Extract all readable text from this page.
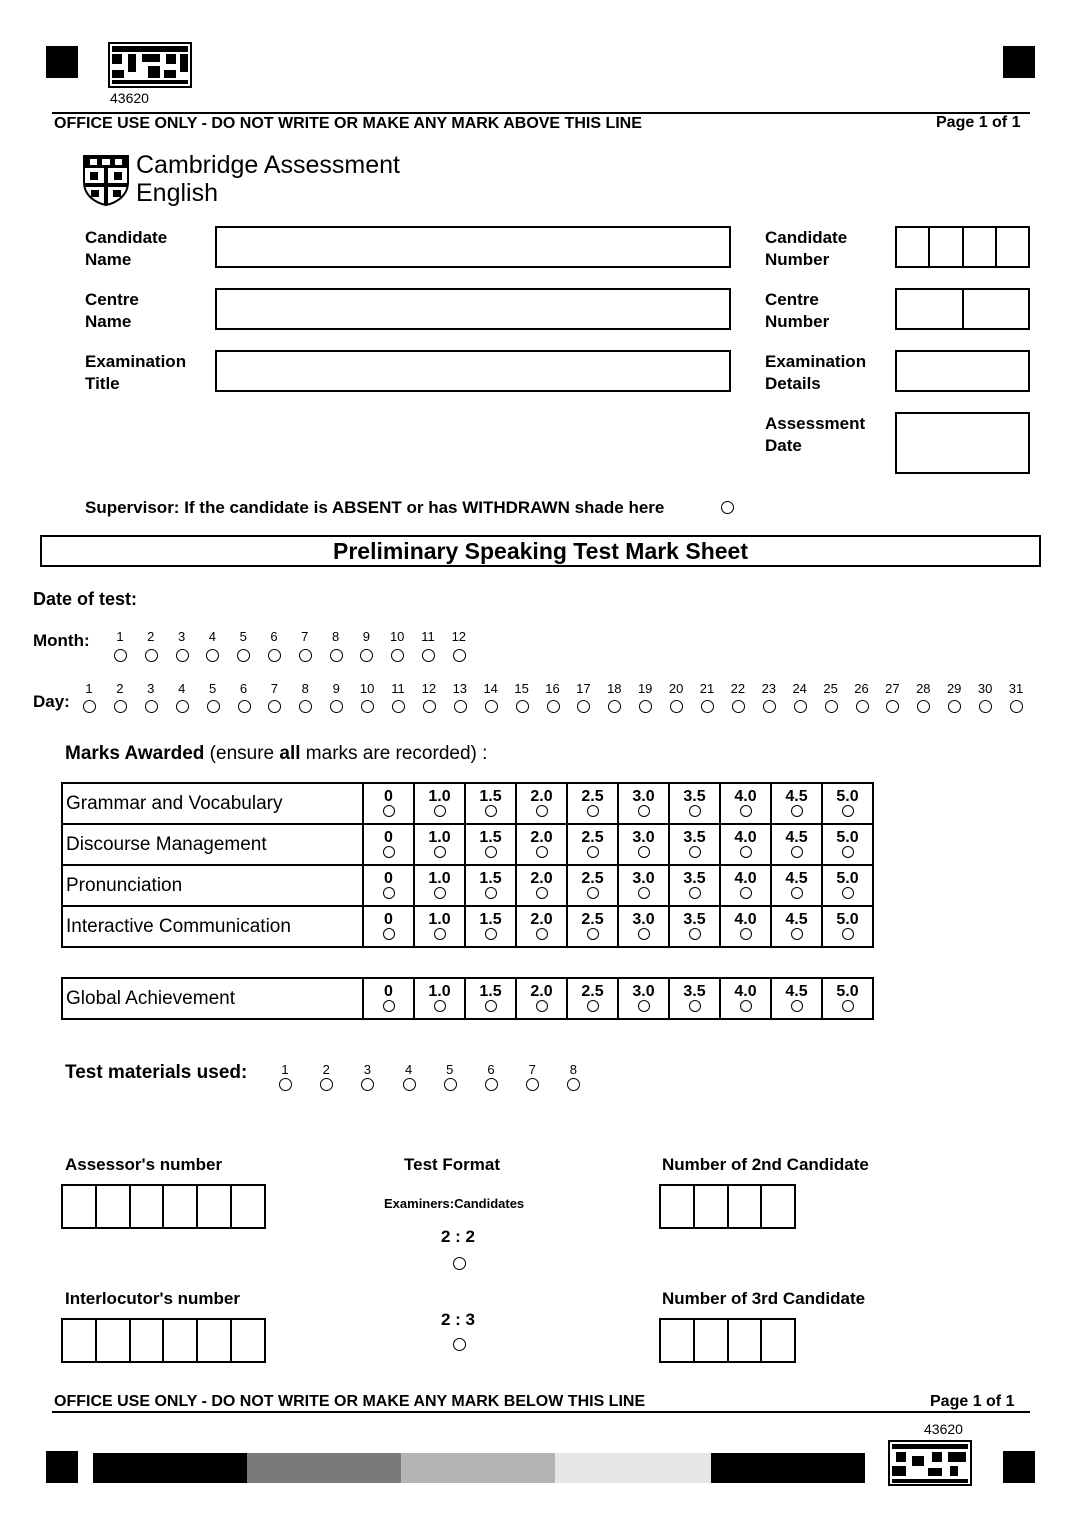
43620
OFFICE USE ONLY - DO NOT WRITE OR MAKE ANY MARK ABOVE THIS LINE	Page 1 of 1
Cambridge Assessment
English
Candidate
Name
Centre
Name
Examination
Title
Candidate
Number
Centre
Number
Examination
Details
Assessment
Date
Supervisor: If the candidate is ABSENT or has WITHDRAWN shade here
Preliminary Speaking Test Mark Sheet
Date of test:
Month:	1	2	3	4	5	6	7	8	9	10	11	12
Day:
1	2	3	4	5	6	7	8	9	10	11	12	13	14	15	16	17	18	19	20	21	22	23	24	25	26	27	28	29	30	31
Marks Awarded (ensure all marks are recorded) :
Grammar and Vocabulary	0	1.0	1.5	2.0	2.5	3.0	3.5	4.0	4.5	5.0

Discourse Management	0	1.0	1.5	2.0	2.5	3.0	3.5	4.0	4.5	5.0

Pronunciation	0	1.0	1.5	2.0	2.5	3.0	3.5	4.0	4.5	5.0

Interactive Communication	0	1.0	1.5	2.0	2.5	3.0	3.5	4.0	4.5	5.0
Global Achievement	0	1.0	1.5	2.0	2.5	3.0	3.5	4.0	4.5	5.0
Test materials used:	1	2	3	4	5	6	7	8
Assessor's number
Interlocutor's number
Test Format
Examiners:Candidates
2 : 2
2 : 3
Number of 2nd Candidate
Number of 3rd Candidate
OFFICE USE ONLY - DO NOT WRITE OR MAKE ANY MARK BELOW THIS LINE	Page 1 of 1
43620
